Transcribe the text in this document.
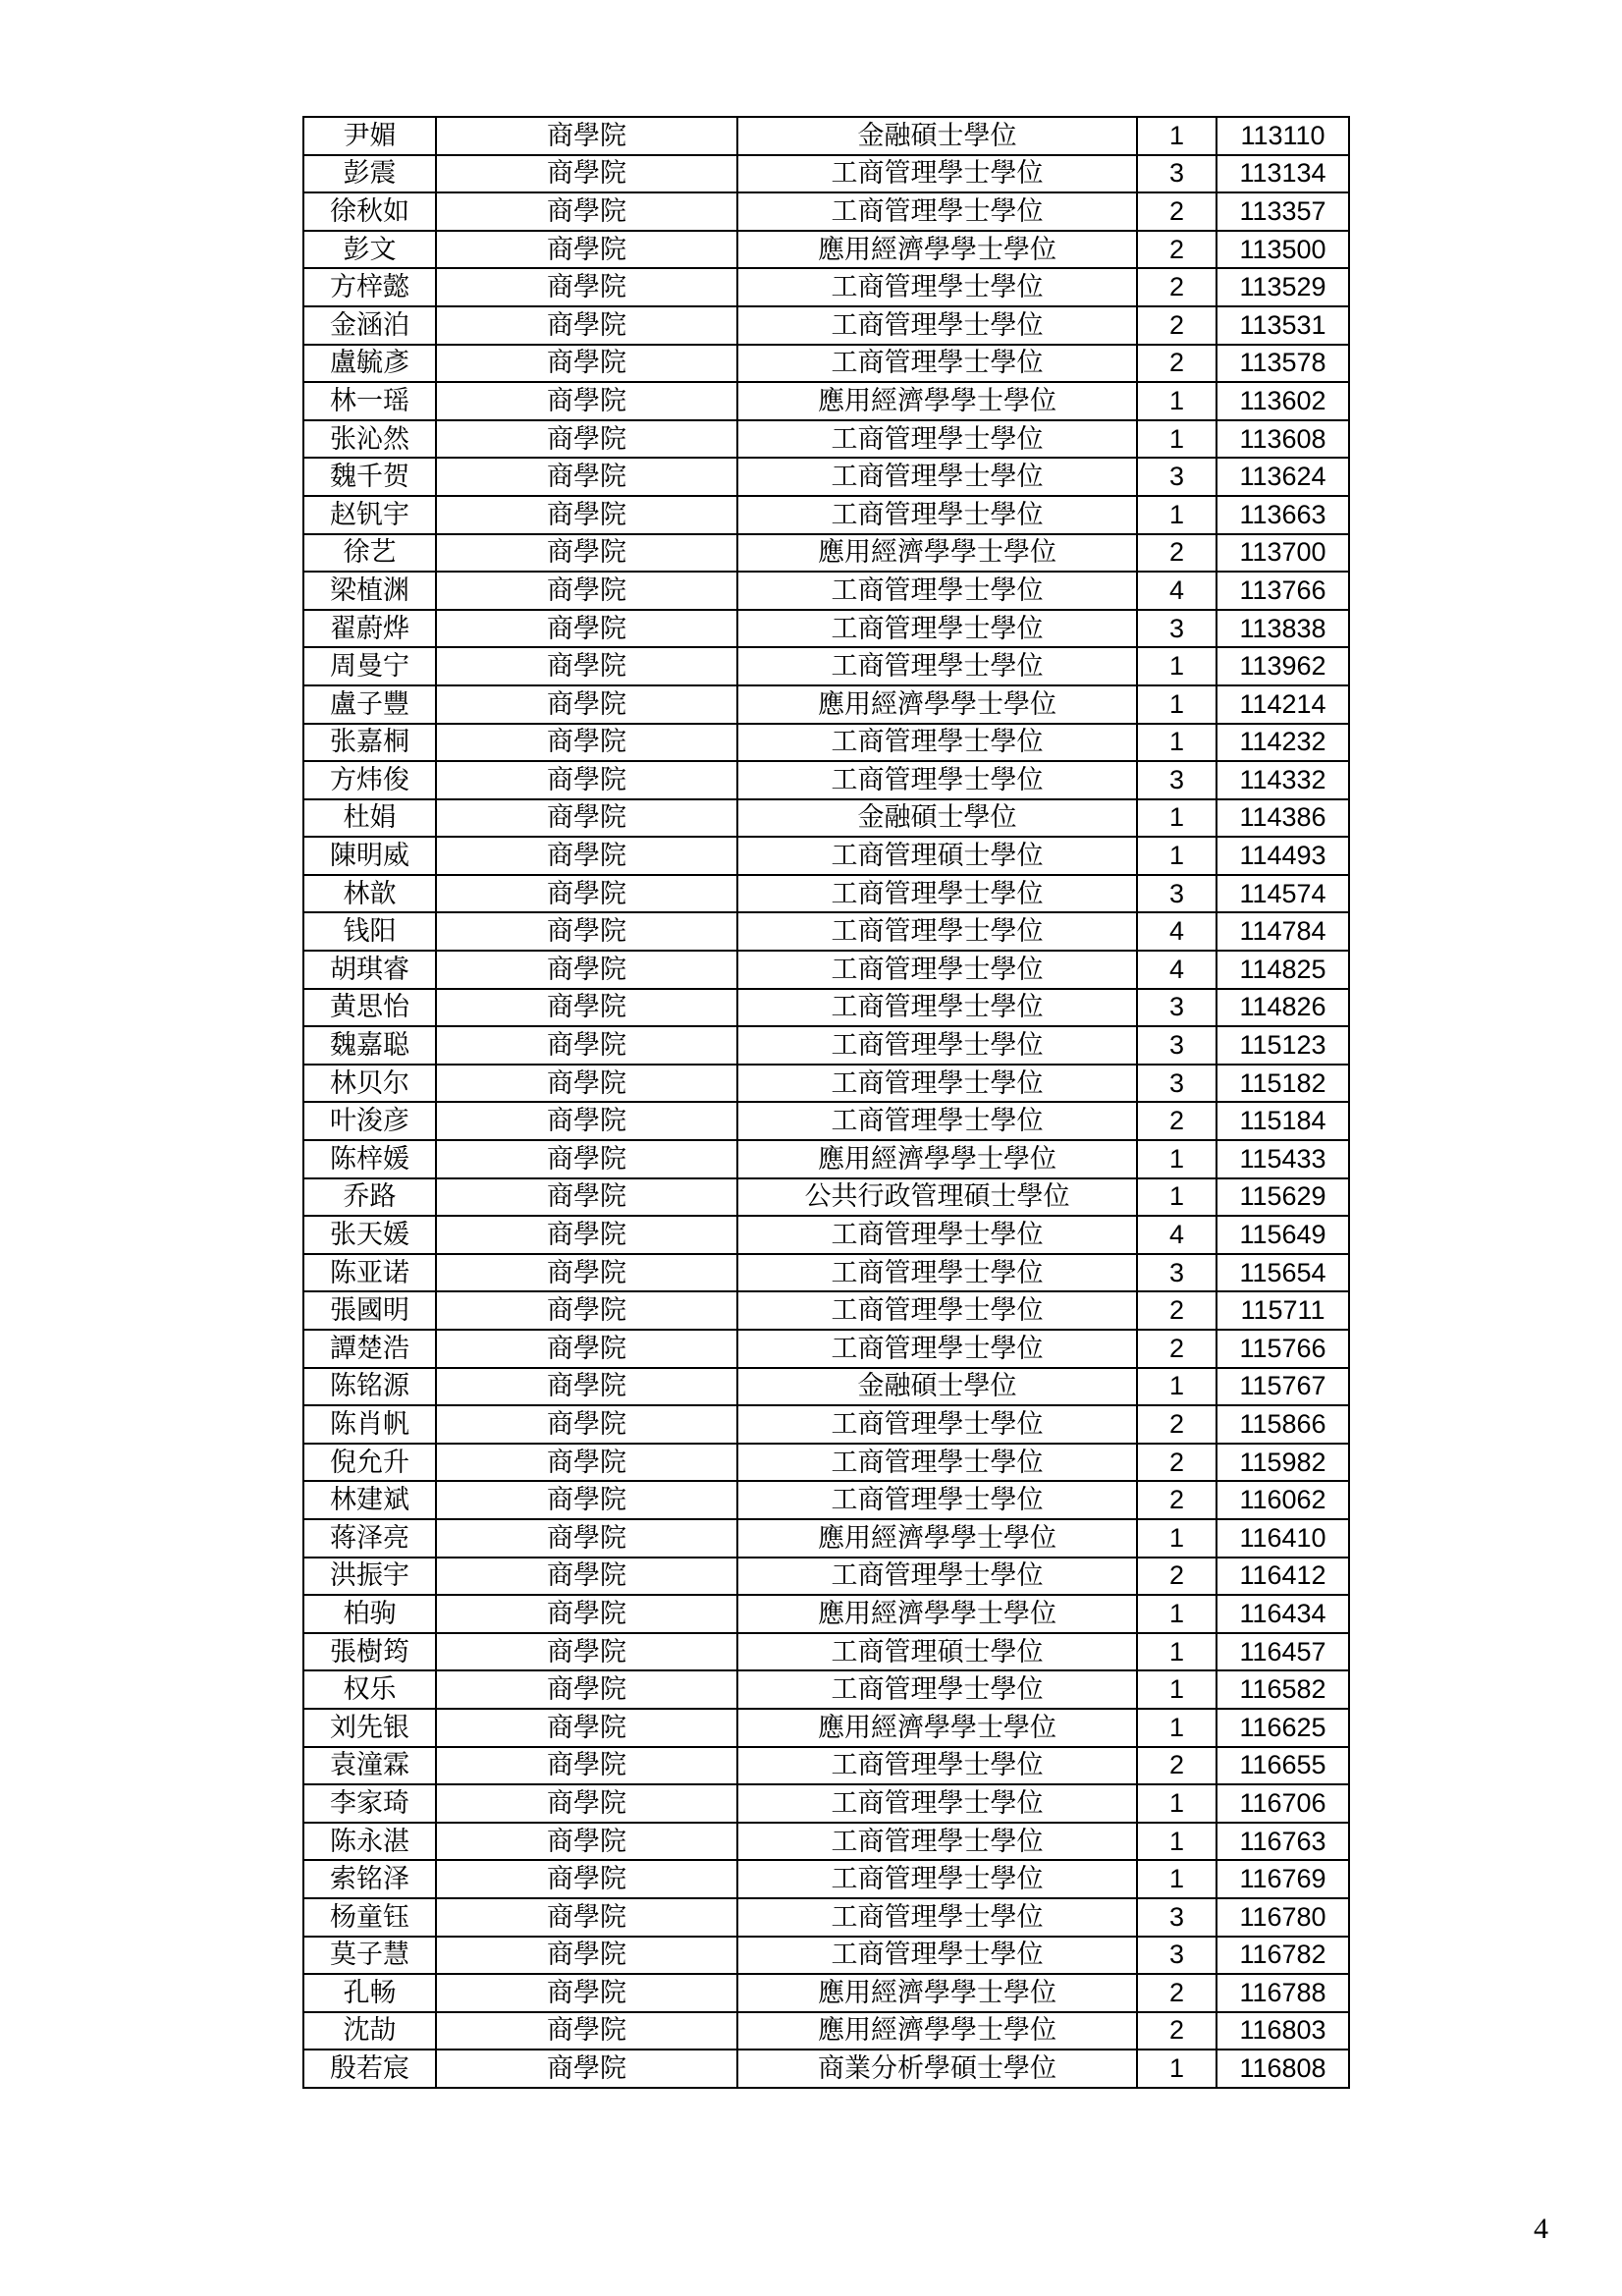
尹媚	商學院	金融碩士學位	1	113110
彭震	商學院	工商管理學士學位	3	113134
徐秋如	商學院	工商管理學士學位	2	113357
彭文	商學院	應用經濟學學士學位	2	113500
方梓懿	商學院	工商管理學士學位	2	113529
金涵泊	商學院	工商管理學士學位	2	113531
盧毓彥	商學院	工商管理學士學位	2	113578
林一瑶	商學院	應用經濟學學士學位	1	113602
张沁然	商學院	工商管理學士學位	1	113608
魏千贺	商學院	工商管理學士學位	3	113624
赵钒宇	商學院	工商管理學士學位	1	113663
徐艺	商學院	應用經濟學學士學位	2	113700
梁植渊	商學院	工商管理學士學位	4	113766
翟蔚烨	商學院	工商管理學士學位	3	113838
周曼宁	商學院	工商管理學士學位	1	113962
盧子豐	商學院	應用經濟學學士學位	1	114214
张嘉桐	商學院	工商管理學士學位	1	114232
方炜俊	商學院	工商管理學士學位	3	114332
杜娟	商學院	金融碩士學位	1	114386
陳明威	商學院	工商管理碩士學位	1	114493
林歆	商學院	工商管理學士學位	3	114574
钱阳	商學院	工商管理學士學位	4	114784
胡琪睿	商學院	工商管理學士學位	4	114825
黄思怡	商學院	工商管理學士學位	3	114826
魏嘉聪	商學院	工商管理學士學位	3	115123
林贝尔	商學院	工商管理學士學位	3	115182
叶浚彦	商學院	工商管理學士學位	2	115184
陈梓媛	商學院	應用經濟學學士學位	1	115433
乔路	商學院	公共行政管理碩士學位	1	115629
张天媛	商學院	工商管理學士學位	4	115649
陈亚诺	商學院	工商管理學士學位	3	115654
張國明	商學院	工商管理學士學位	2	115711
譚楚浩	商學院	工商管理學士學位	2	115766
陈铭源	商學院	金融碩士學位	1	115767
陈肖帆	商學院	工商管理學士學位	2	115866
倪允升	商學院	工商管理學士學位	2	115982
林建斌	商學院	工商管理學士學位	2	116062
蒋泽亮	商學院	應用經濟學學士學位	1	116410
洪振宇	商學院	工商管理學士學位	2	116412
柏驹	商學院	應用經濟學學士學位	1	116434
張樹筠	商學院	工商管理碩士學位	1	116457
权乐	商學院	工商管理學士學位	1	116582
刘先银	商學院	應用經濟學學士學位	1	116625
袁潼霖	商學院	工商管理學士學位	2	116655
李家琦	商學院	工商管理學士學位	1	116706
陈永湛	商學院	工商管理學士學位	1	116763
索铭泽	商學院	工商管理學士學位	1	116769
杨童钰	商學院	工商管理學士學位	3	116780
莫子慧	商學院	工商管理學士學位	3	116782
孔畅	商學院	應用經濟學學士學位	2	116788
沈劼	商學院	應用經濟學學士學位	2	116803
殷若宸	商學院	商業分析學碩士學位	1	116808
4
